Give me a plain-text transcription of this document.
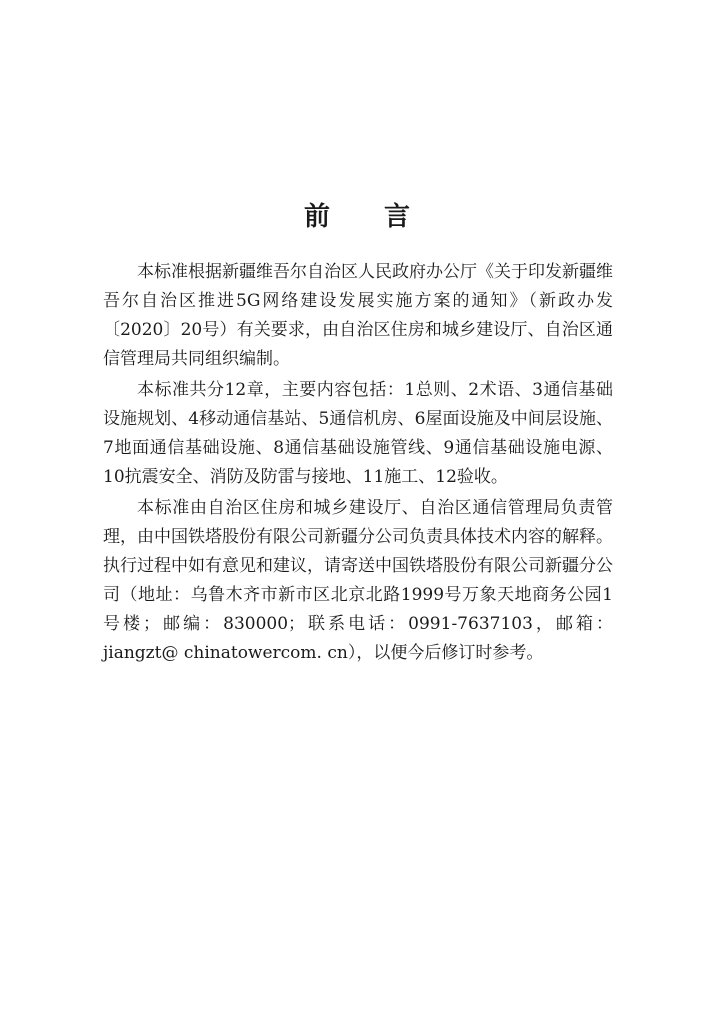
前 言

本标准根据新疆维吾尔自治区人民政府办公厅《关于印发新疆维吾尔自治区推进5G网络建设发展实施方案的通知》（新政办发〔2020〕20号）有关要求，由自治区住房和城乡建设厅、自治区通信管理局共同组织编制。

本标准共分12章，主要内容包括：1总则、2术语、3通信基础设施规划、4移动通信基站、5通信机房、6屋面设施及中间层设施、7地面通信基础设施、8通信基础设施管线、9通信基础设施电源、10抗震安全、消防及防雷与接地、11施工、12验收。

本标准由自治区住房和城乡建设厅、自治区通信管理局负责管理，由中国铁塔股份有限公司新疆分公司负责具体技术内容的解释。执行过程中如有意见和建议，请寄送中国铁塔股份有限公司新疆分公司（地址：乌鲁木齐市新市区北京北路1999号万象天地商务公园1号楼；邮编：830000；联系电话：0991-7637103，邮箱：jiangzt@ chinatowercom. cn），以便今后修订时参考。
